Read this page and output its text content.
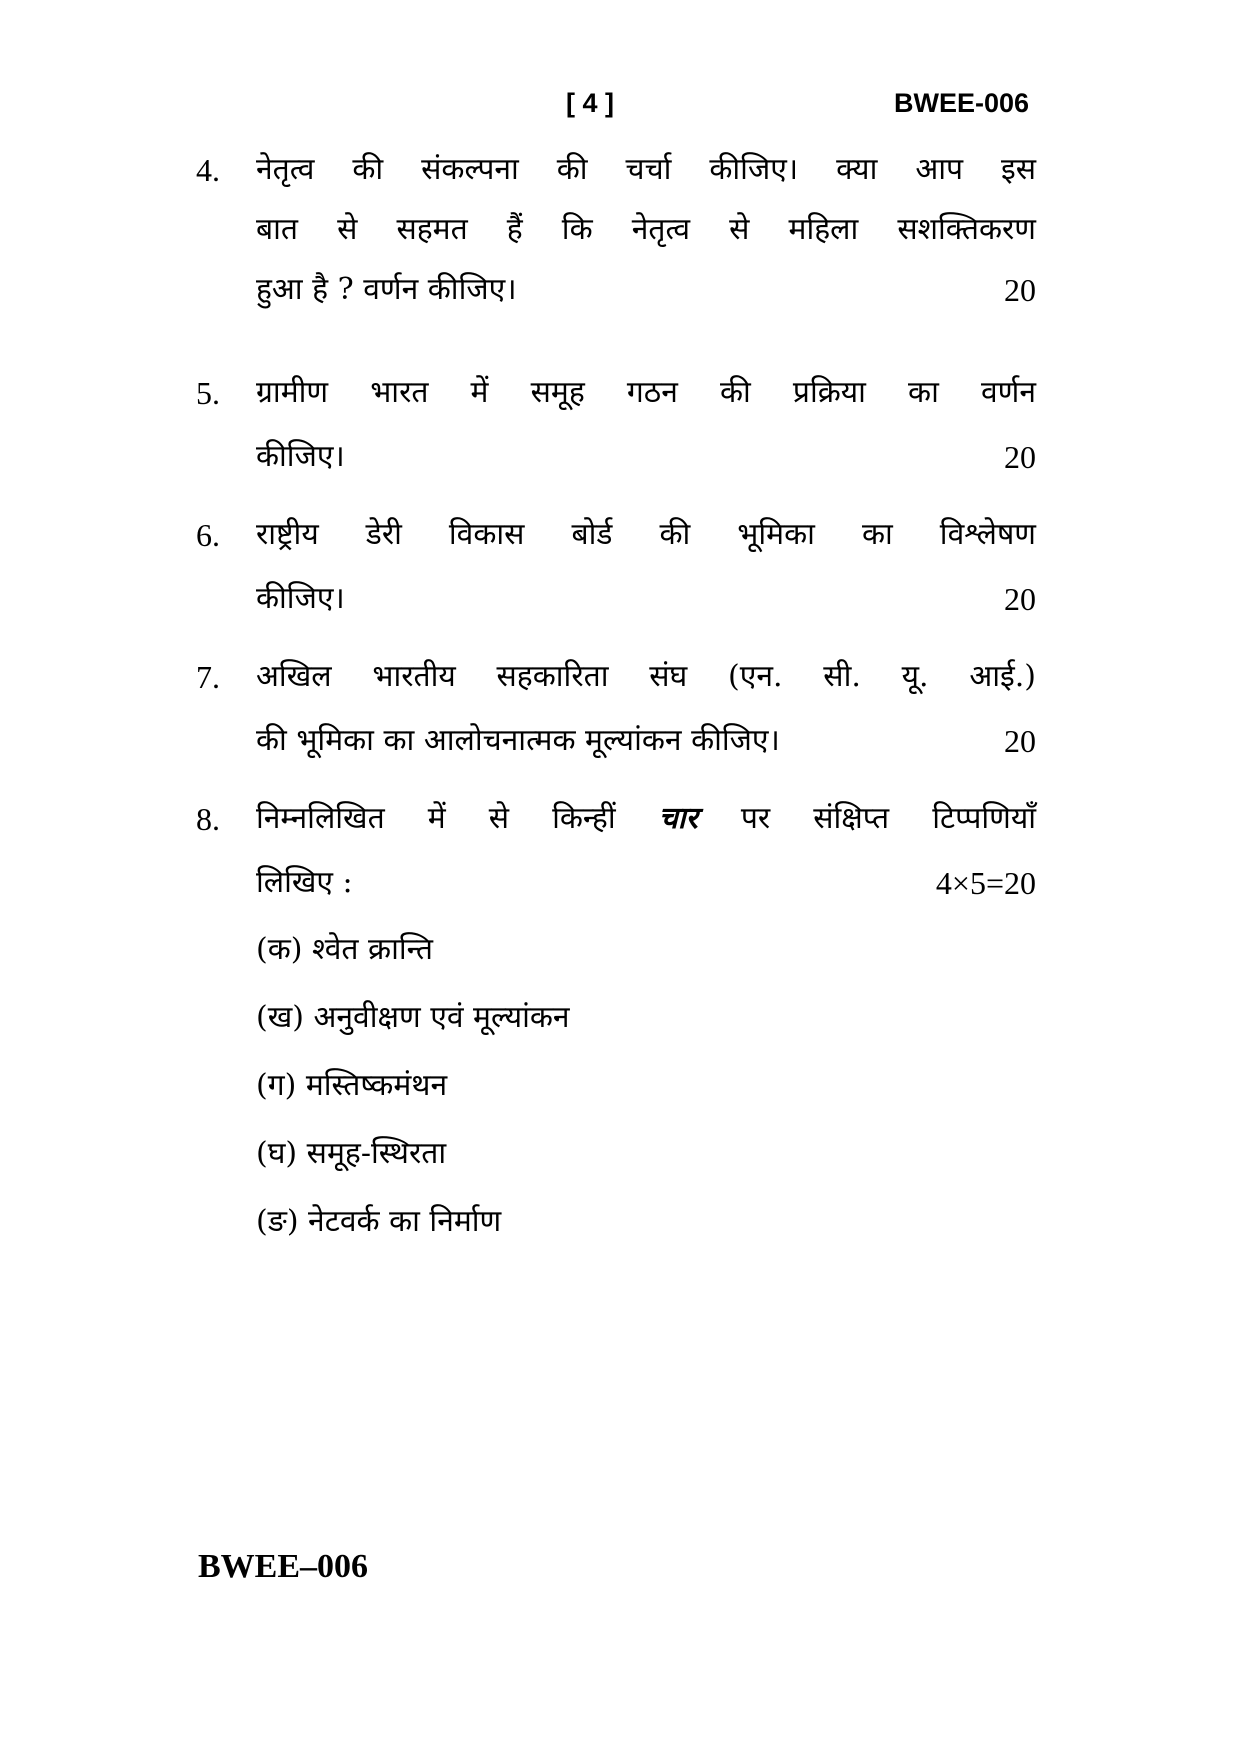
[ 4 ]	BWEE-006
4. नेतृत्व की संकल्पना की चर्चा कीजिए। क्या आप इस
बात से सहमत हैं कि नेतृत्व से महिला सशक्तिकरण
हुआ है ? वर्णन कीजिए।	20
5. ग्रामीण भारत में समूह गठन की प्रक्रिया का वर्णन
कीजिए।	20
6. राष्ट्रीय डेरी विकास बोर्ड की भूमिका का विश्लेषण
कीजिए।	20
7. अखिल भारतीय सहकारिता संघ (एन. सी. यू. आई.)
की भूमिका का आलोचनात्मक मूल्यांकन कीजिए।	20
8. निम्नलिखित में से किन्हीं चार पर संक्षिप्त टिप्पणियाँ
लिखिए :	4×5=20
(क) श्वेत क्रान्ति
(ख) अनुवीक्षण एवं मूल्यांकन
(ग) मस्तिष्कमंथन
(घ) समूह-स्थिरता
(ङ) नेटवर्क का निर्माण
BWEE–006
